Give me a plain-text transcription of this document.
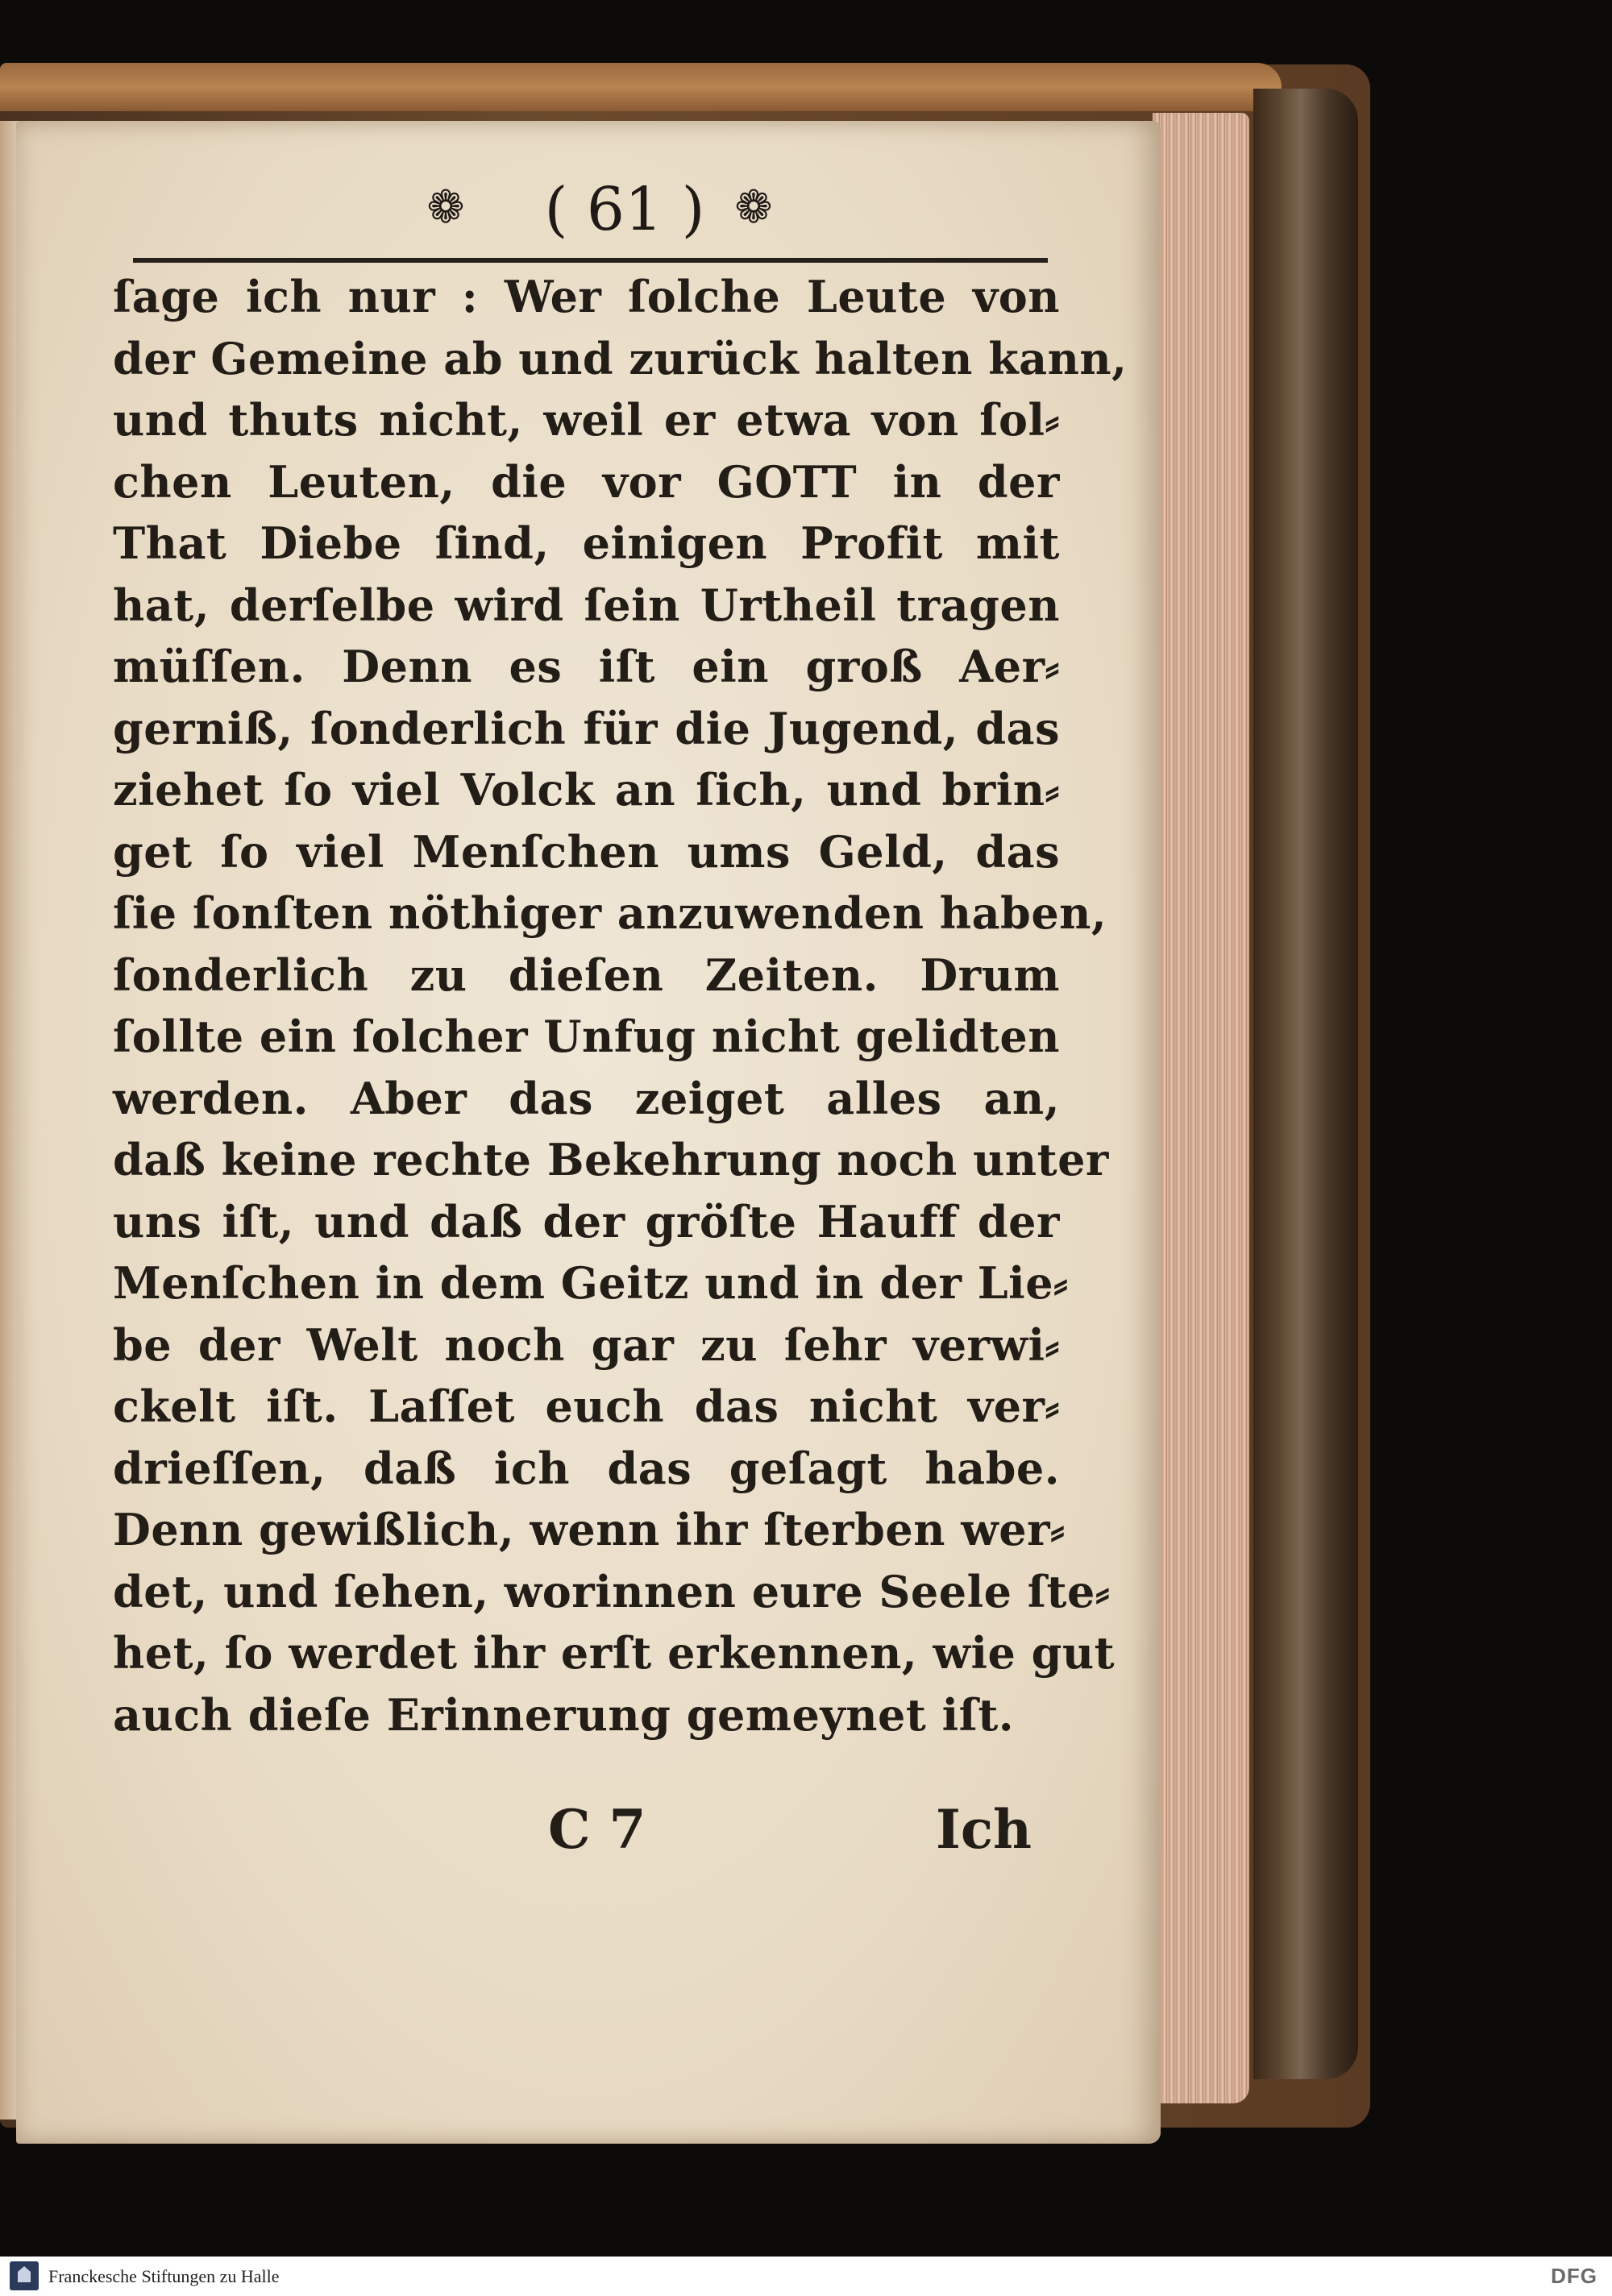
❁ ( 61 ) ❁
ſage ich nur : Wer ſolche Leute von
der Gemeine ab und zurück halten kann,
und thuts nicht, weil er etwa von ſol⸗
chen Leuten, die vor GOTT in der
That Diebe ſind, einigen Profit mit
hat, derſelbe wird ſein Urtheil tragen
müſſen. Denn es iſt ein groß Aer⸗
gerniß, ſonderlich für die Jugend, das
ziehet ſo viel Volck an ſich, und brin⸗
get ſo viel Menſchen ums Geld, das
ſie ſonſten nöthiger anzuwenden haben,
ſonderlich zu dieſen Zeiten. Drum
ſollte ein ſolcher Unfug nicht gelidten
werden. Aber das zeiget alles an,
daß keine rechte Bekehrung noch unter
uns iſt, und daß der gröſte Hauff der
Menſchen in dem Geitz und in der Lie⸗
be der Welt noch gar zu ſehr verwi⸗
ckelt iſt. Laſſet euch das nicht ver⸗
drieſſen, daß ich das geſagt habe.
Denn gewißlich, wenn ihr ſterben wer⸗
det, und ſehen, worinnen eure Seele ſte⸗
het, ſo werdet ihr erſt erkennen, wie gut
auch dieſe Erinnerung gemeynet iſt.
C 7	Ich
Franckesche Stiftungen zu Halle	DFG
